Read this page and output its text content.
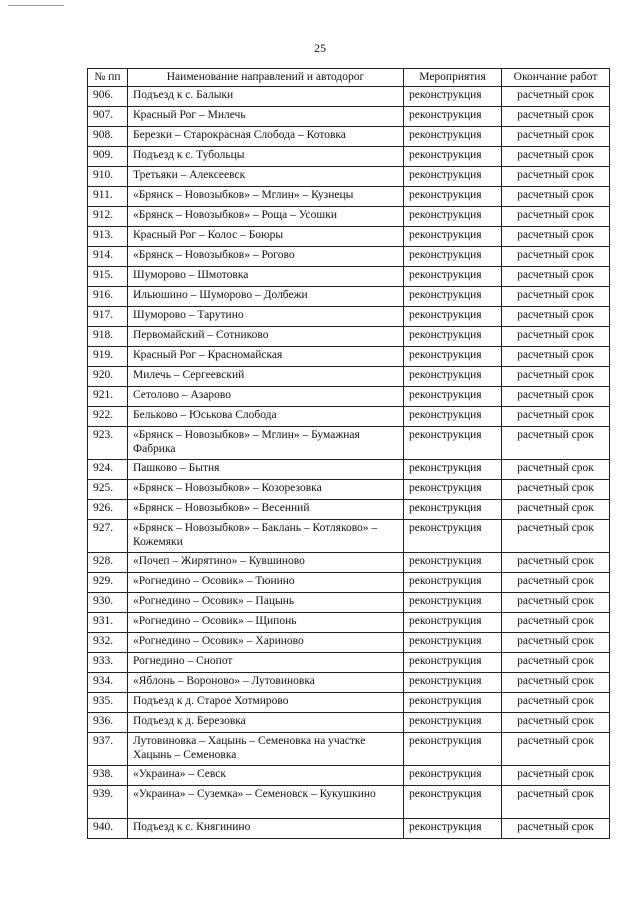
25
№ пп	Наименование направлений и автодорог	Мероприятия	Окончание работ
906.	Подъезд к с. Балыки	реконструкция	расчетный срок
907.	Красный Рог – Милечь	реконструкция	расчетный срок
908.	Березки – Старокрасная Слобода – Котовка	реконструкция	расчетный срок
909.	Подъезд к с. Тубольцы	реконструкция	расчетный срок
910.	Третьяки – Алексеевск	реконструкция	расчетный срок
911.	«Брянск – Новозыбков» – Мглин» – Кузнецы	реконструкция	расчетный срок
912.	«Брянск – Новозыбков» – Роща – Усошки	реконструкция	расчетный срок
913.	Красный Рог – Колос – Боюры	реконструкция	расчетный срок
914.	«Брянск – Новозыбков» – Рогово	реконструкция	расчетный срок
915.	Шуморово – Шмотовка	реконструкция	расчетный срок
916.	Ильюшино – Шуморово – Долбежи	реконструкция	расчетный срок
917.	Шуморово – Тарутино	реконструкция	расчетный срок
918.	Первомайский – Сотниково	реконструкция	расчетный срок
919.	Красный Рог – Красномайская	реконструкция	расчетный срок
920.	Милечь – Сергеевский	реконструкция	расчетный срок
921.	Сетолово – Азарово	реконструкция	расчетный срок
922.	Бельково – Юськова Слобода	реконструкция	расчетный срок
923.	«Брянск – Новозыбков» – Мглин» – Бумажная Фабрика	реконструкция	расчетный срок
924.	Пашково – Бытня	реконструкция	расчетный срок
925.	«Брянск – Новозыбков» – Козорезовка	реконструкция	расчетный срок
926.	«Брянск – Новозыбков» – Весенний	реконструкция	расчетный срок
927.	«Брянск – Новозыбков» – Баклань – Котляково» – Кожемяки	реконструкция	расчетный срок
928.	«Почеп – Жирятино» – Кувшиново	реконструкция	расчетный срок
929.	«Рогнедино – Осовик» – Тюнино	реконструкция	расчетный срок
930.	«Рогнедино – Осовик» – Пацынь	реконструкция	расчетный срок
931.	«Рогнедино – Осовик» – Щипонь	реконструкция	расчетный срок
932.	«Рогнедино – Осовик» – Хариново	реконструкция	расчетный срок
933.	Рогнедино – Снопот	реконструкция	расчетный срок
934.	«Яблонь – Вороново» – Лутовиновка	реконструкция	расчетный срок
935.	Подъезд к д. Старое Хотмирово	реконструкция	расчетный срок
936.	Подъезд к д. Березовка	реконструкция	расчетный срок
937.	Лутовиновка – Хацынь – Семеновка на участке Хацынь – Семеновка	реконструкция	расчетный срок
938.	«Украина» – Севск	реконструкция	расчетный срок
939.	«Украина» – Суземка» – Семеновск – Кукушкино	реконструкция	расчетный срок
940.	Подъезд к с. Княгинино	реконструкция	расчетный срок
